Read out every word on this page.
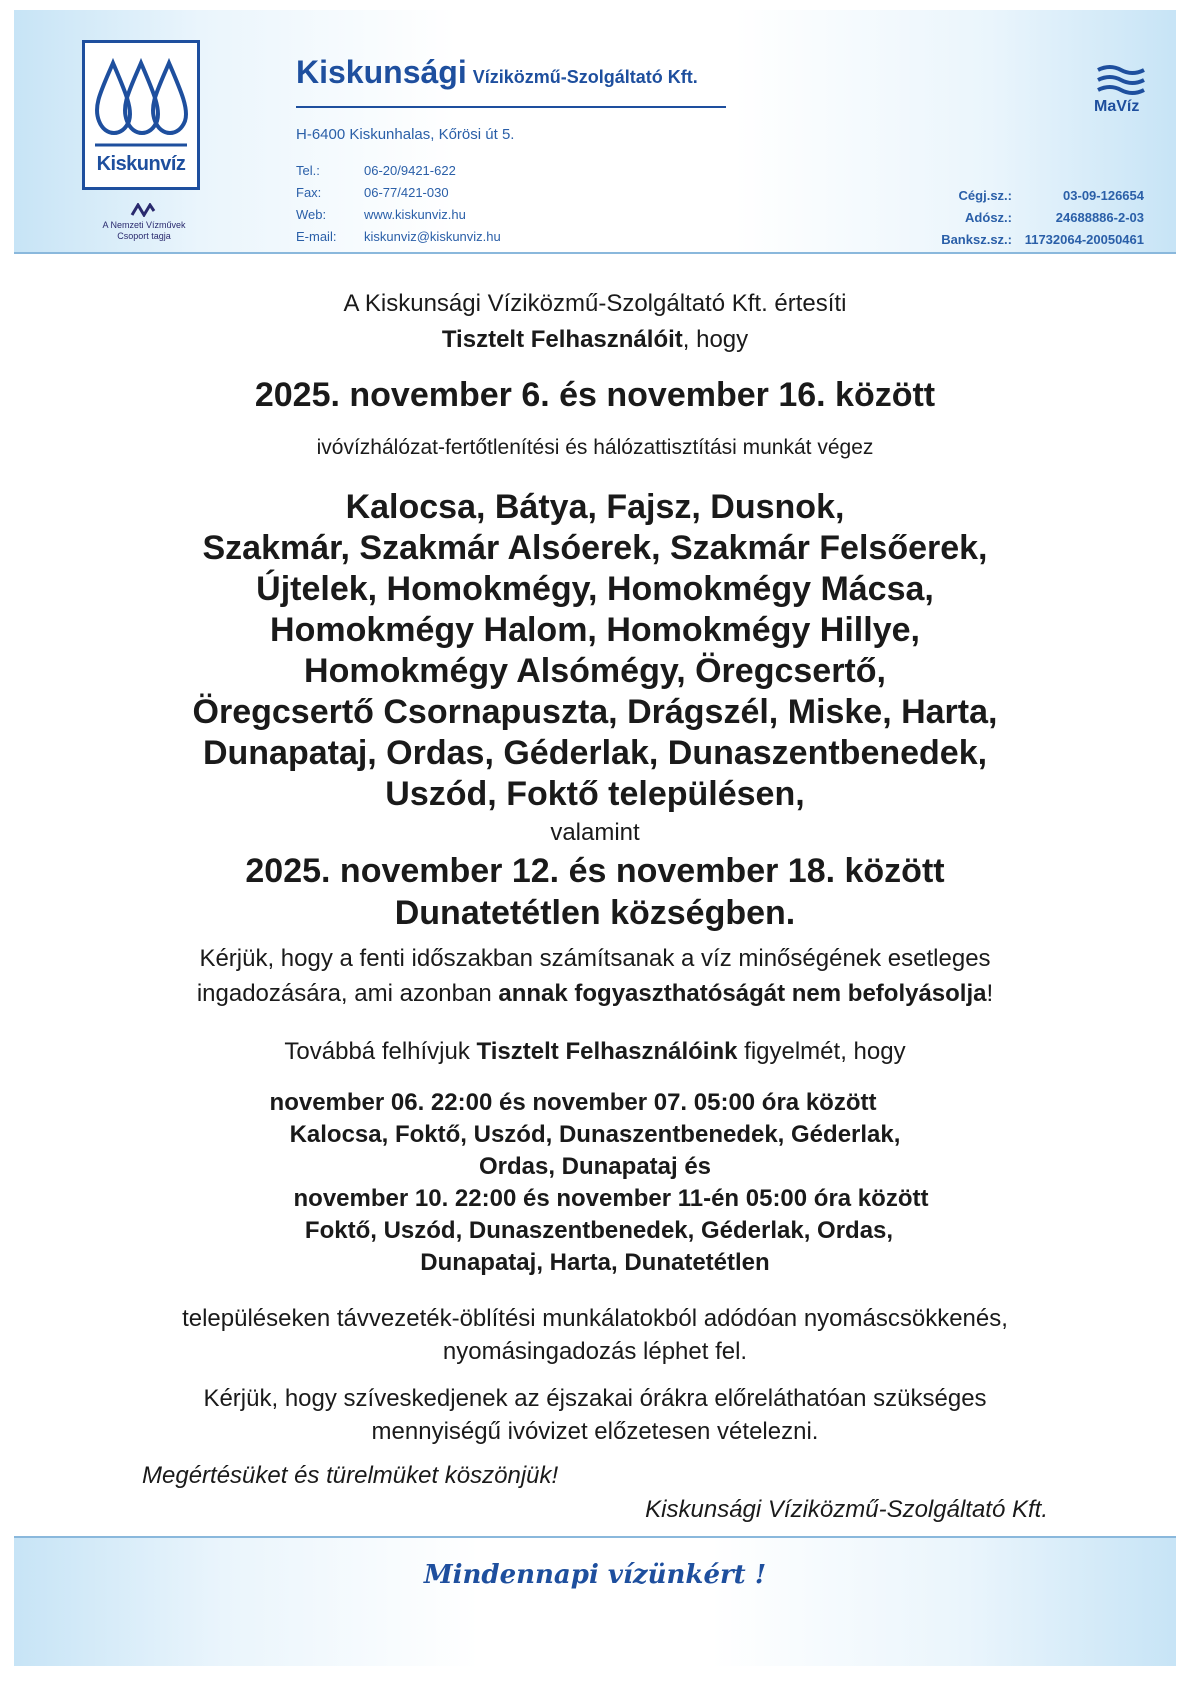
Kiskunvíz
A Nemzeti Vízművek
Csoport tagja
Kiskunsági Víziközmű-Szolgáltató Kft.
H-6400 Kiskunhalas, Kőrösi út 5.
Tel.:	06-20/9421-622
Fax:	06-77/421-030
Web:	www.kiskunviz.hu
E-mail: kiskunviz@kiskunviz.hu
MaVíz
Cégj.sz.:	03-09-126654
Adósz.:	24688886-2-03
Banksz.sz.: 11732064-20050461
A Kiskunsági Víziközmű-Szolgáltató Kft. értesíti
Tisztelt Felhasználóit, hogy
2025. november 6. és november 16. között
ivóvízhálózat-fertőtlenítési és hálózattisztítási munkát végez
Kalocsa, Bátya, Fajsz, Dusnok,
Szakmár, Szakmár Alsóerek, Szakmár Felsőerek,
Újtelek, Homokmégy, Homokmégy Mácsa,
Homokmégy Halom, Homokmégy Hillye,
Homokmégy Alsómégy, Öregcsertő,
Öregcsertő Csornapuszta, Drágszél, Miske, Harta,
Dunapataj, Ordas, Géderlak, Dunaszentbenedek,
Uszód, Foktő településen,
valamint
2025. november 12. és november 18. között
Dunatetétlen községben.
Kérjük, hogy a fenti időszakban számítsanak a víz minőségének esetleges
ingadozására, ami azonban annak fogyaszthatóságát nem befolyásolja!
Továbbá felhívjuk Tisztelt Felhasználóink figyelmét, hogy
november 06. 22:00 és november 07. 05:00 óra között
Kalocsa, Foktő, Uszód, Dunaszentbenedek, Géderlak,
Ordas, Dunapataj és
november 10. 22:00 és november 11-én 05:00 óra között
Foktő, Uszód, Dunaszentbenedek, Géderlak, Ordas,
Dunapataj, Harta, Dunatetétlen
településeken távvezeték-öblítési munkálatokból adódóan nyomáscsökkenés,
nyomásingadozás léphet fel.
Kérjük, hogy szíveskedjenek az éjszakai órákra előreláthatóan szükséges
mennyiségű ivóvizet előzetesen vételezni.
Megértésüket és türelmüket köszönjük!
Kiskunsági Víziközmű-Szolgáltató Kft.
Mindennapi vízünkért !
